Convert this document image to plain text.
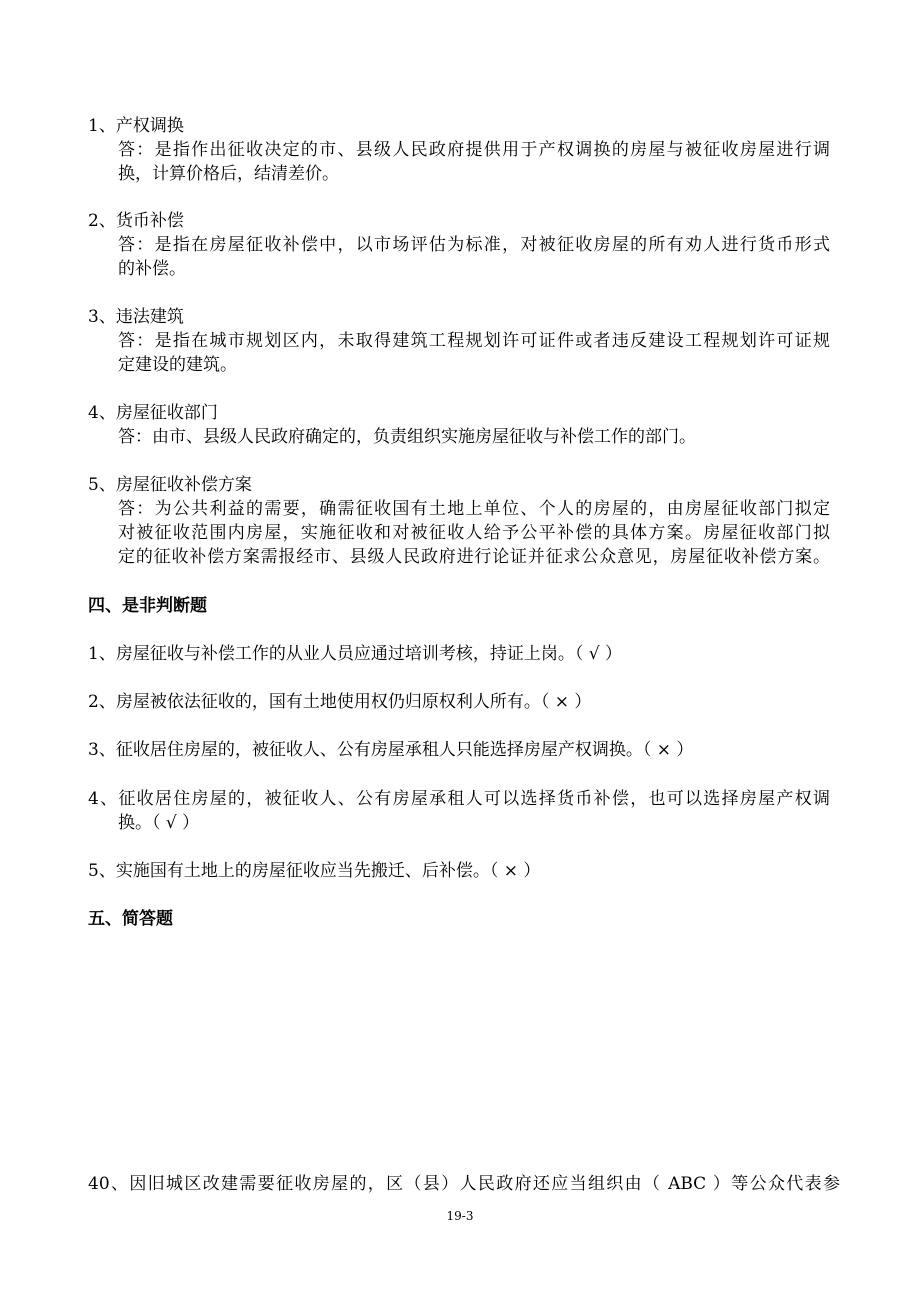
1、产权调换
答：是指作出征收决定的市、县级人民政府提供用于产权调换的房屋与被征收房屋进行调
换，计算价格后，结清差价。
2、货币补偿
答：是指在房屋征收补偿中，以市场评估为标准，对被征收房屋的所有劝人进行货币形式
的补偿。
3、违法建筑
答：是指在城市规划区内，未取得建筑工程规划许可证件或者违反建设工程规划许可证规
定建设的建筑。
4、房屋征收部门
答：由市、县级人民政府确定的，负责组织实施房屋征收与补偿工作的部门。
5、房屋征收补偿方案
答：为公共利益的需要，确需征收国有土地上单位、个人的房屋的，由房屋征收部门拟定
对被征收范围内房屋，实施征收和对被征收人给予公平补偿的具体方案。房屋征收部门拟
定的征收补偿方案需报经市、县级人民政府进行论证并征求公众意见，房屋征收补偿方案。
四、是非判断题
1、房屋征收与补偿工作的从业人员应通过培训考核，持证上岗。（ √ ）
2、房屋被依法征收的，国有土地使用权仍归原权利人所有。（ × ）
3、征收居住房屋的，被征收人、公有房屋承租人只能选择房屋产权调换。（ × ）
4、征收居住房屋的，被征收人、公有房屋承租人可以选择货币补偿，也可以选择房屋产权调
换。（ √ ）
5、实施国有土地上的房屋征收应当先搬迁、后补偿。（ × ）
五、简答题
40、因旧城区改建需要征收房屋的，区（县）人民政府还应当组织由（ ABC ）等公众代表参
19-3
